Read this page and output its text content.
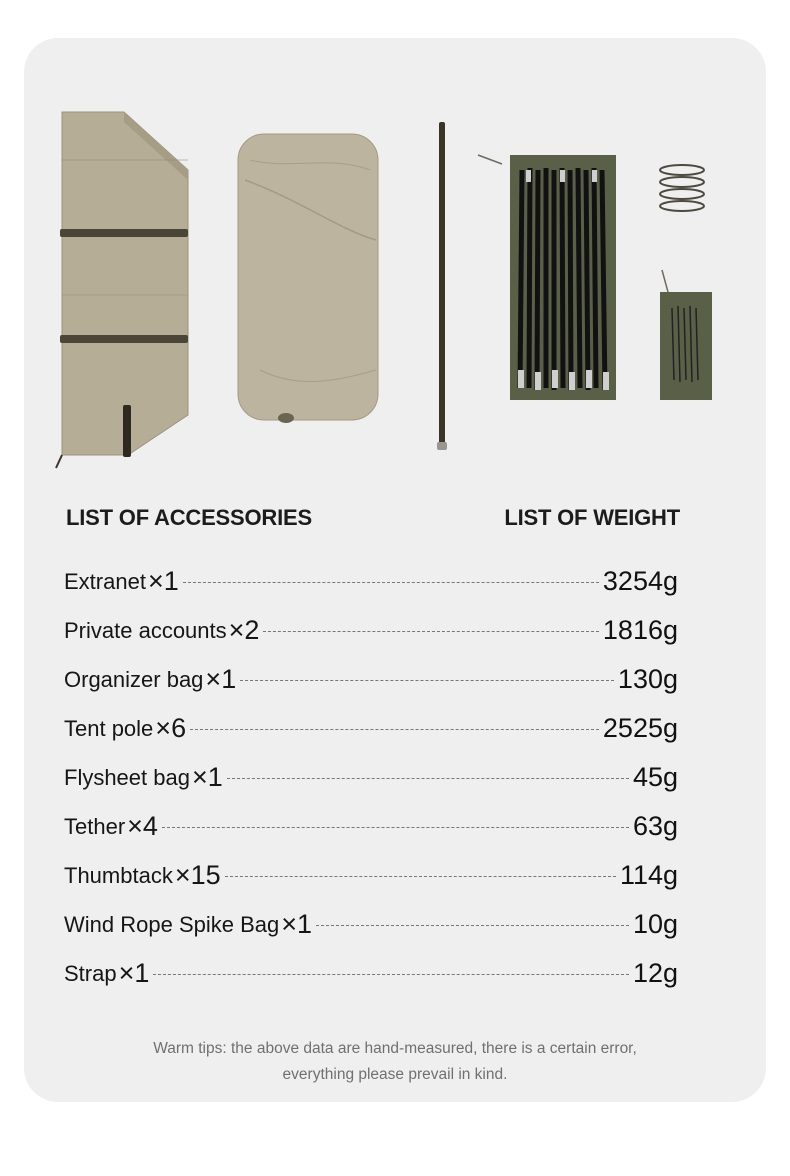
LIST OF ACCESSORIES	LIST OF WEIGHT
Extranet ×1	3254g
Private accounts ×2	1816g
Organizer bag ×1	130g
Tent pole ×6	2525g
Flysheet bag ×1	45g
Tether ×4	63g
Thumbtack ×15	114g
Wind Rope Spike Bag ×1	10g
Strap ×1	12g
Warm tips: the above data are hand-measured, there is a certain error,
everything please prevail in kind.
